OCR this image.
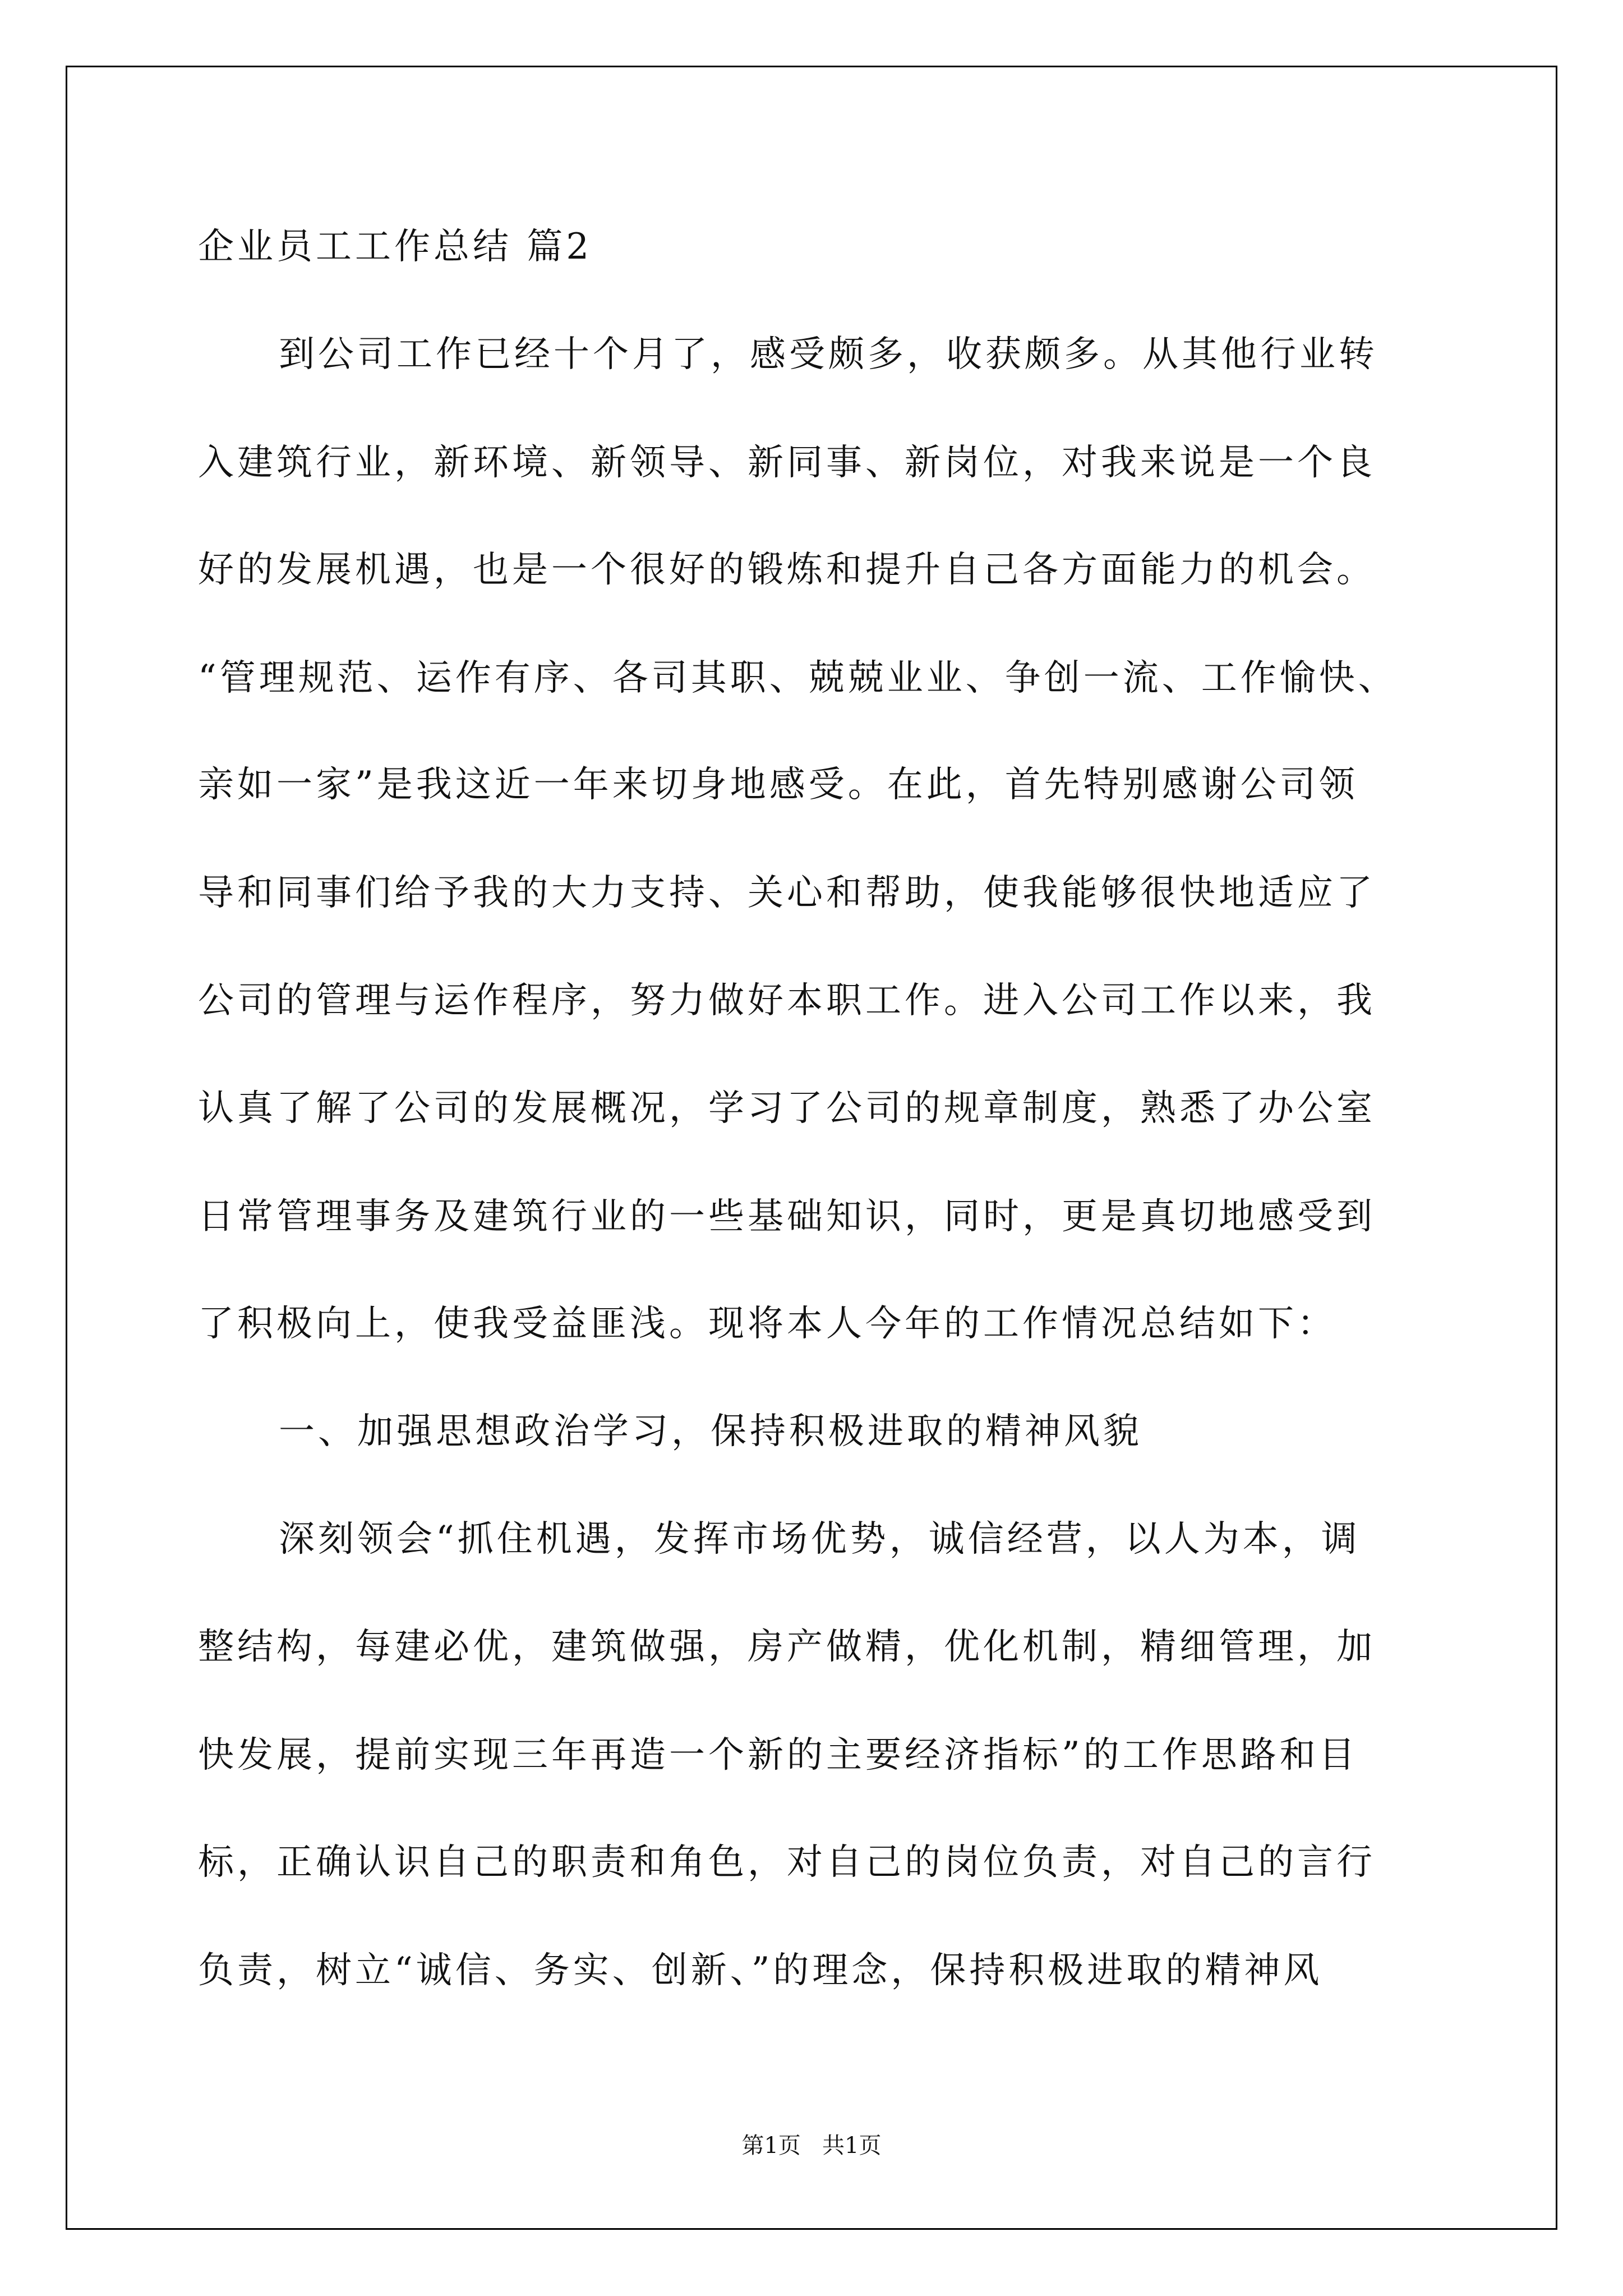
企业员工工作总结 篇2
到公司工作已经十个月了，感受颇多，收获颇多。从其他行业转
入建筑行业，新环境、新领导、新同事、新岗位，对我来说是一个良
好的发展机遇，也是一个很好的锻炼和提升自己各方面能力的机会。
“管理规范、运作有序、各司其职、兢兢业业、争创一流、工作愉快、
亲如一家”是我这近一年来切身地感受。在此，首先特别感谢公司领
导和同事们给予我的大力支持、关心和帮助，使我能够很快地适应了
公司的管理与运作程序，努力做好本职工作。进入公司工作以来，我
认真了解了公司的发展概况，学习了公司的规章制度，熟悉了办公室
日常管理事务及建筑行业的一些基础知识，同时，更是真切地感受到
了积极向上，使我受益匪浅。现将本人今年的工作情况总结如下：
一、加强思想政治学习，保持积极进取的精神风貌
深刻领会“抓住机遇，发挥市场优势，诚信经营，以人为本，调
整结构，每建必优，建筑做强，房产做精，优化机制，精细管理，加
快发展，提前实现三年再造一个新的主要经济指标”的工作思路和目
标，正确认识自己的职责和角色，对自己的岗位负责，对自己的言行
负责，树立“诚信、务实、创新、”的理念，保持积极进取的精神风
第1页   共1页
